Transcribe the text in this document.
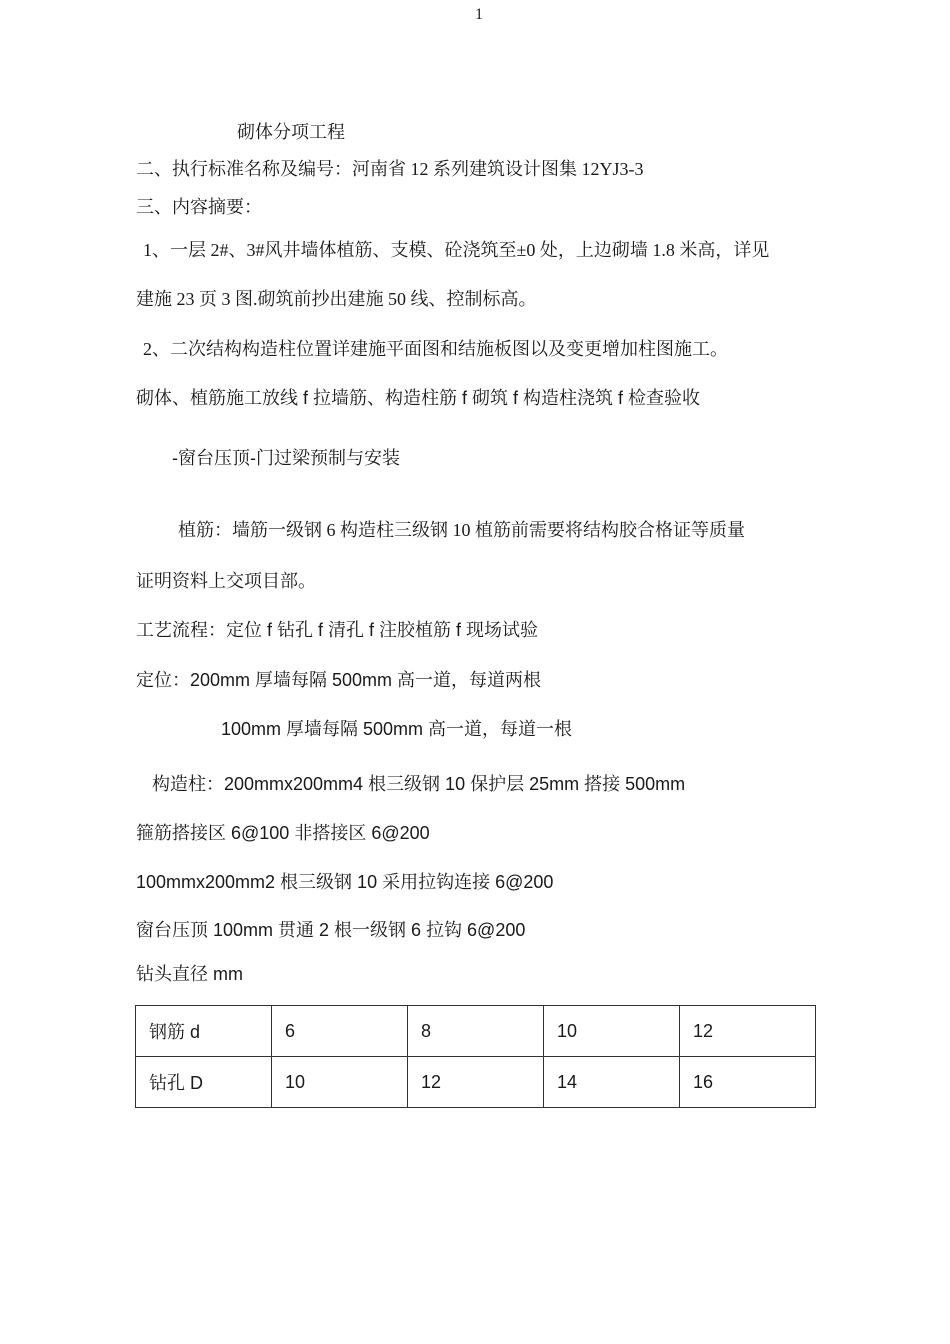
1
砌体分项工程
二、执行标准名称及编号：河南省 12 系列建筑设计图集 12YJ3-3
三、内容摘要：
1、一层 2#、3#风井墙体植筋、支模、砼浇筑至±0 处，上边砌墙 1.8 米高，详见
建施 23 页 3 图.砌筑前抄出建施 50 线、控制标高。
2、二次结构构造柱位置详建施平面图和结施板图以及变更增加柱图施工。
砌体、植筋施工放线 f 拉墙筋、构造柱筋 f 砌筑 f 构造柱浇筑 f 检查验收
-窗台压顶-门过梁预制与安装
植筋：墙筋一级钢 6 构造柱三级钢 10 植筋前需要将结构胶合格证等质量
证明资料上交项目部。
工艺流程：定位 f 钻孔 f 清孔 f 注胶植筋 f 现场试验
定位：200mm 厚墙每隔 500mm 高一道，每道两根
100mm 厚墙每隔 500mm 高一道，每道一根
构造柱：200mmx200mm4 根三级钢 10 保护层 25mm 搭接 500mm
箍筋搭接区 6@100 非搭接区 6@200
100mmx200mm2 根三级钢 10 采用拉钩连接 6@200
窗台压顶 100mm 贯通 2 根一级钢 6 拉钩 6@200
钻头直径 mm
钢筋 d	6	8	10	12
钻孔 D	10	12	14	16
